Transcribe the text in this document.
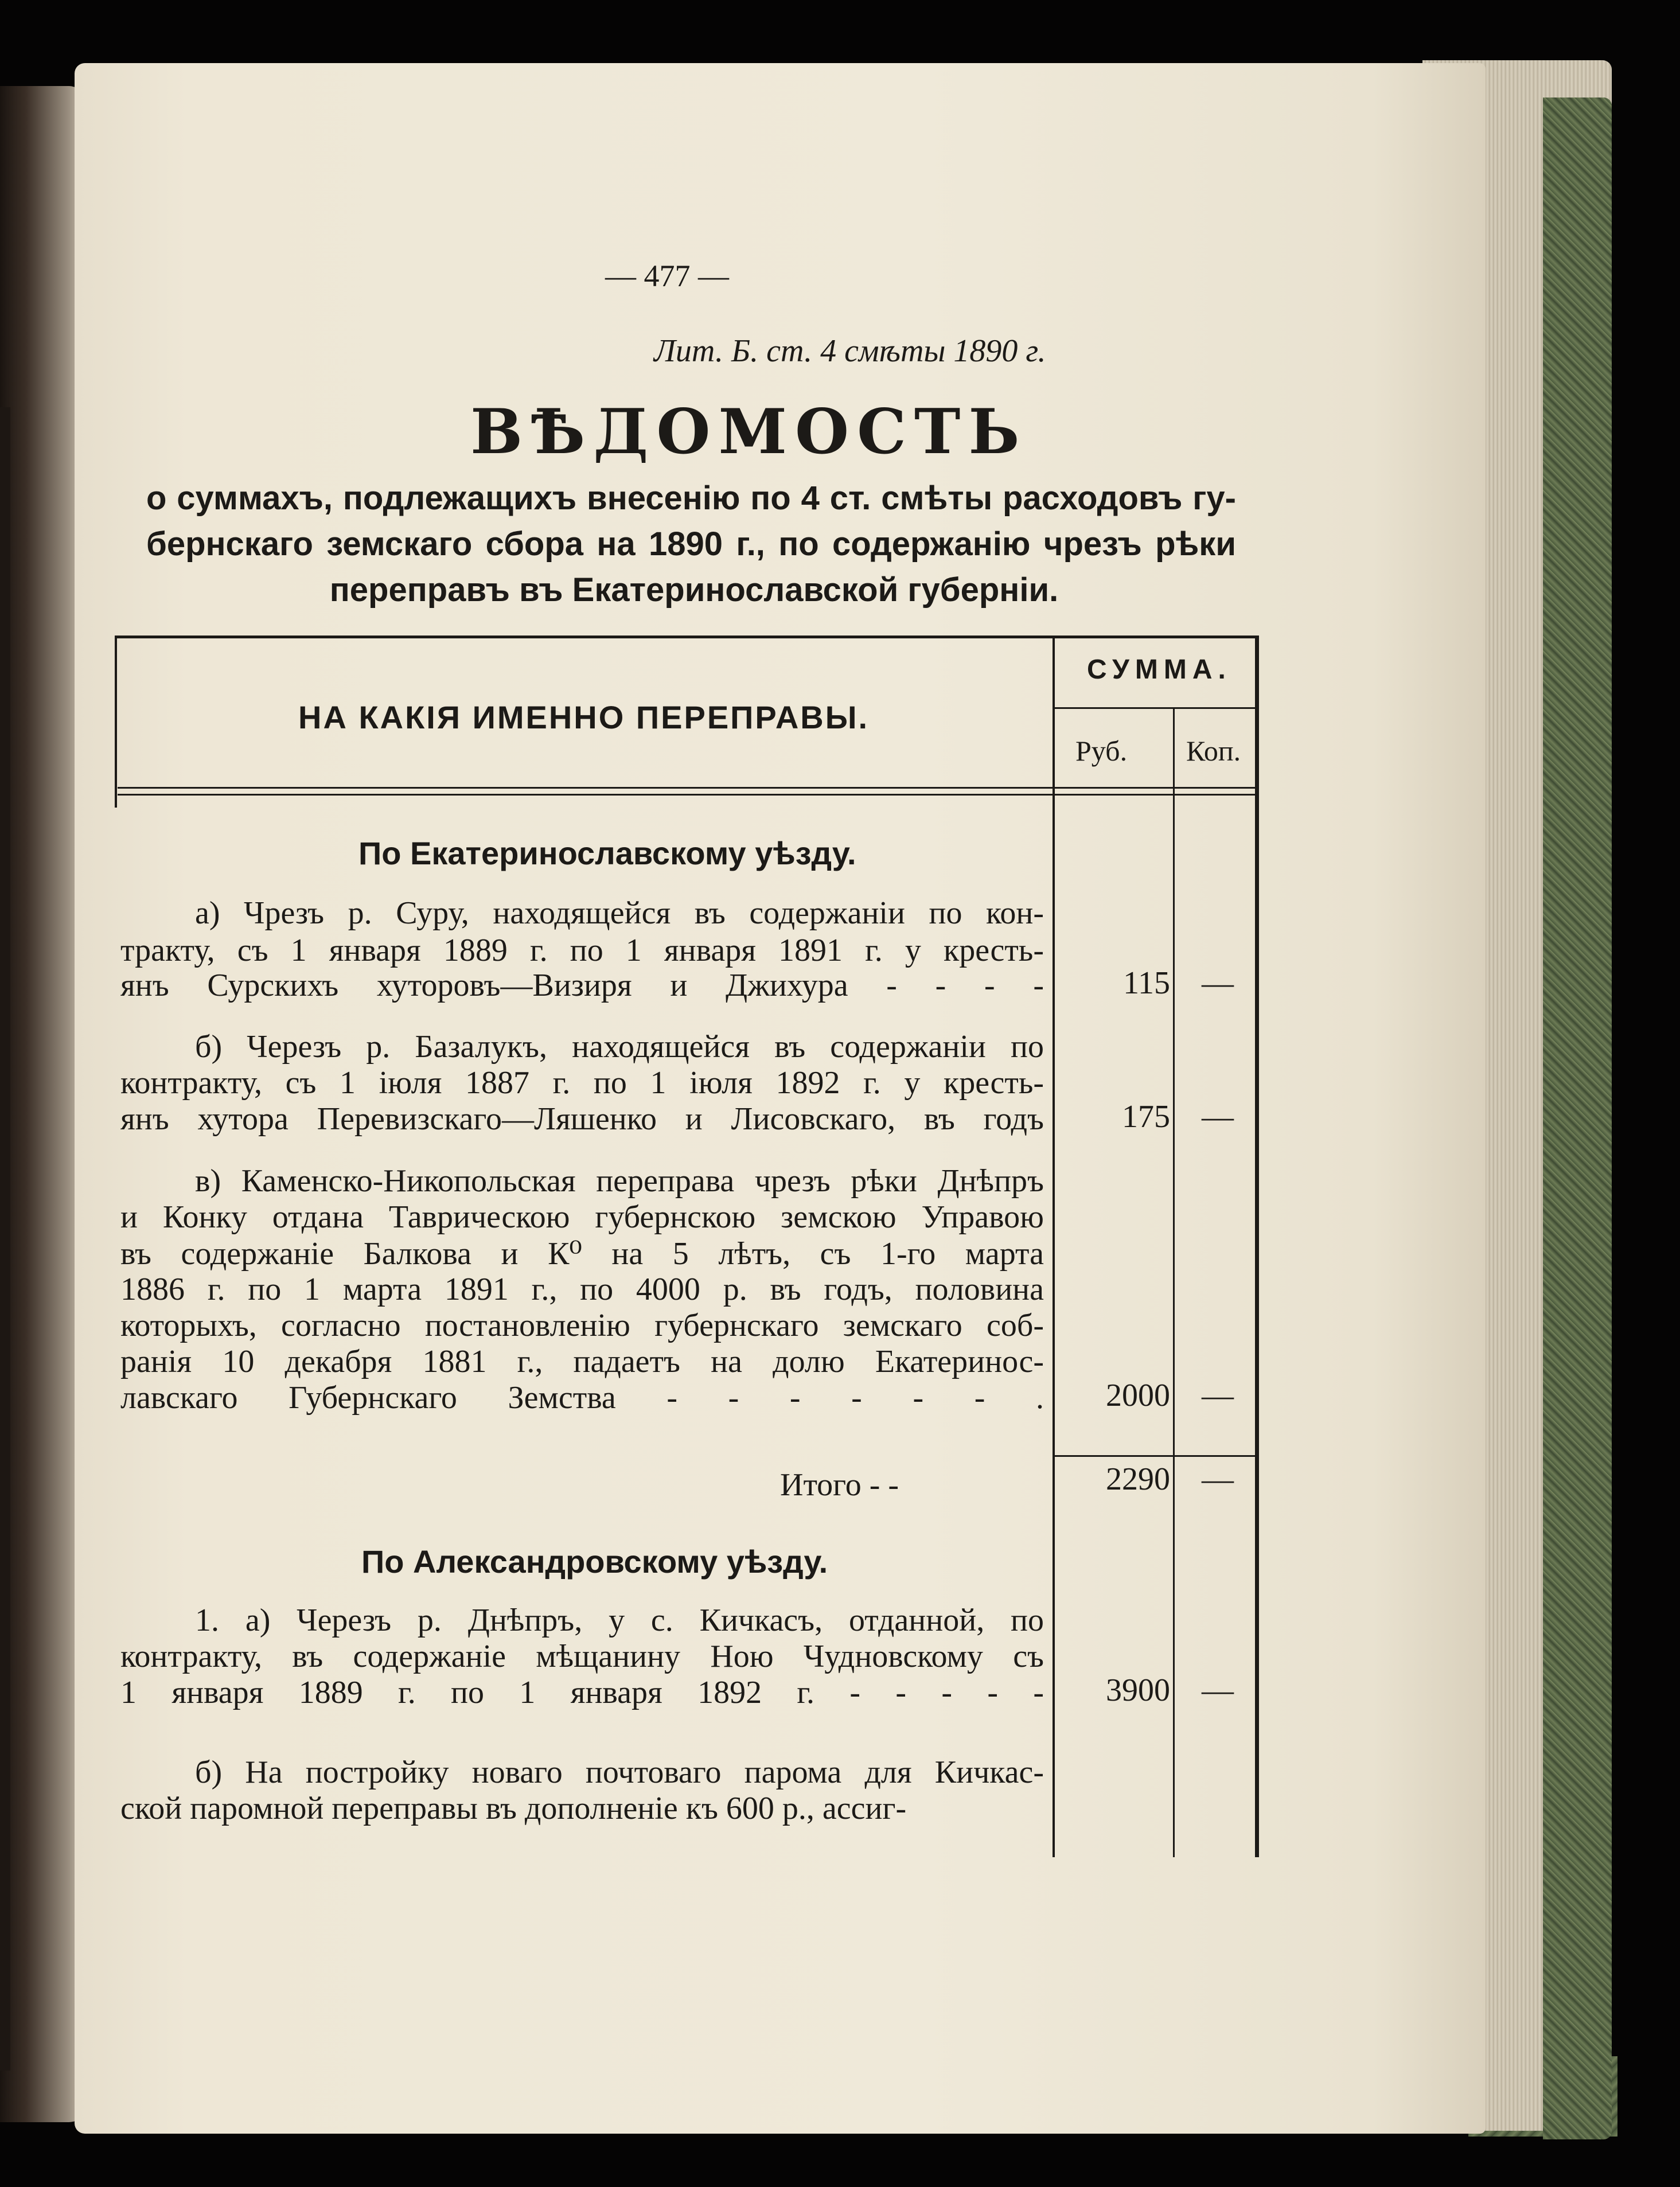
— 477 —
Лит. Б. ст. 4 смѣты 1890 г.
ВѢДОМОСТЬ
о суммахъ, подлежащихъ внесенію по 4 ст. смѣты расходовъ гу-
бернскаго земскаго сбора на 1890 г., по содержанію чрезъ рѣки
переправъ въ Екатеринославской губерніи.
НА КАКІЯ ИМЕННО ПЕРЕПРАВЫ.
СУММА.
Руб. Коп.
По Екатеринославскому уѣзду.
а) Чрезъ р. Суру, находящейся въ содержаніи по кон-
тракту, съ 1 января 1889 г. по 1 января 1891 г. у кресть-
янъ Сурскихъ хуторовъ—Визиря и Джихура - - - -	115 —
б) Черезъ р. Базалукъ, находящейся въ содержаніи по
контракту, съ 1 іюля 1887 г. по 1 іюля 1892 г. у кресть-
янъ хутора Перевизскаго—Ляшенко и Лисовскаго, въ годъ	175 —
в) Каменско-Никопольская переправа чрезъ рѣки Днѣпръ
и Конку отдана Таврическою губернскою земскою Управою
въ содержаніе Балкова и К⁰ на 5 лѣтъ, съ 1-го марта
1886 г. по 1 марта 1891 г., по 4000 р. въ годъ, половина
которыхъ, согласно постановленію губернскаго земскаго соб-
ранія 10 декабря 1881 г., падаетъ на долю Екатеринос-
лавскаго Губернскаго Земства - - - - - - .	2000 —
Итого - -	2290 —
По Александровскому уѣзду.
1. а) Черезъ р. Днѣпръ, у с. Кичкасъ, отданной, по
контракту, въ содержаніе мѣщанину Ною Чудновскому съ
1 января 1889 г. по 1 января 1892 г. - - - - -	3900 —
б) На постройку новаго почтоваго парома для Кичкас-
ской паромной переправы въ дополненіе къ 600 р., ассиг-
